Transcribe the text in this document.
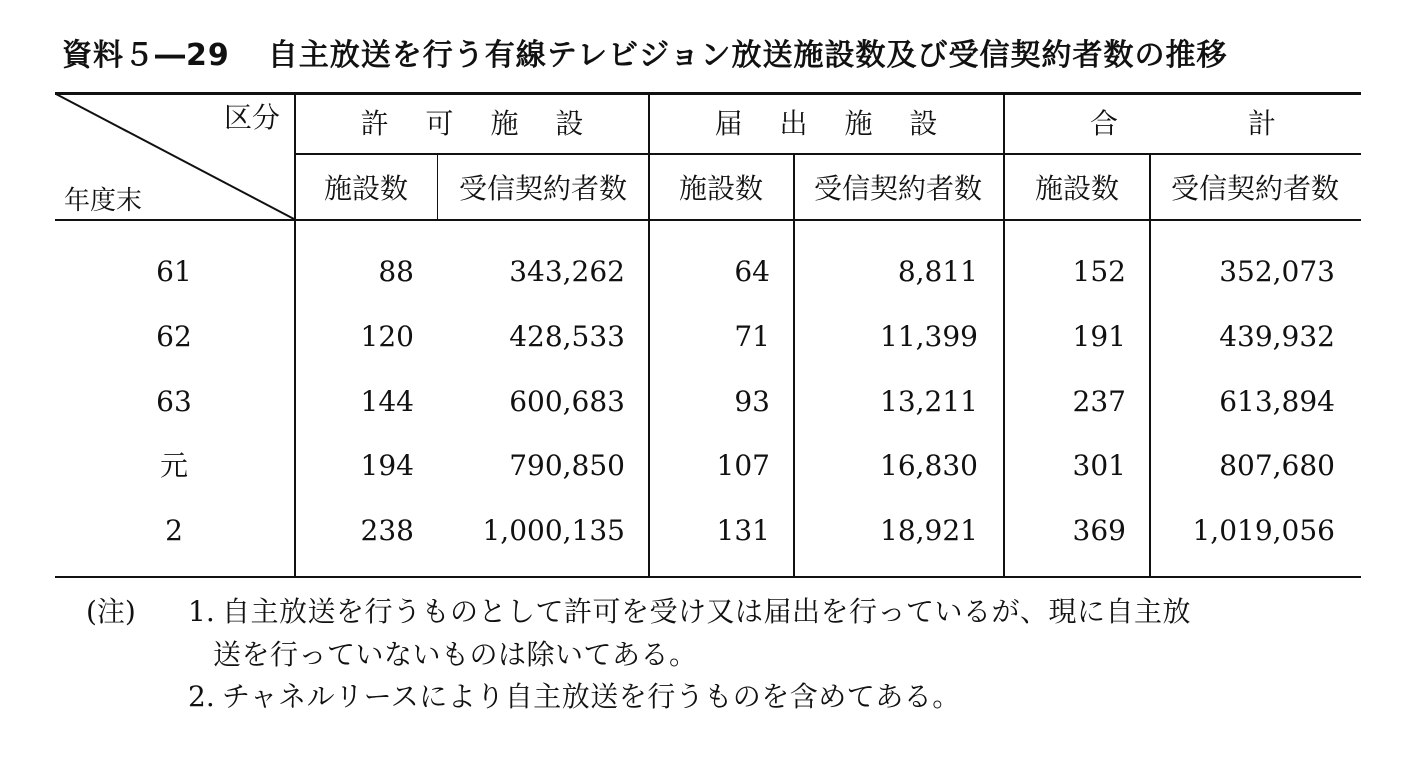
資料５―29 自主放送を行う有線テレビジョン放送施設数及び受信契約者数の推移
区分
年度末
許 可 施 設	届 出 施 設	合	計
施設数 受信契約者数 施設数 受信契約者数 施設数 受信契約者数
61	88	343,262	64	8,811	152	352,073
62	120	428,533	71	11,399	191	439,932
63	144	600,683	93	13,211	237	613,894
元	194	790,850	107	16,830	301	807,680
2	238 1,000,135	131	18,921	369 1,019,056
(注) 1. 自主放送を行うものとして許可を受け又は届出を行っているが、現に自主放
送を行っていないものは除いてある。
2. チャネルリースにより自主放送を行うものを含めてある。
